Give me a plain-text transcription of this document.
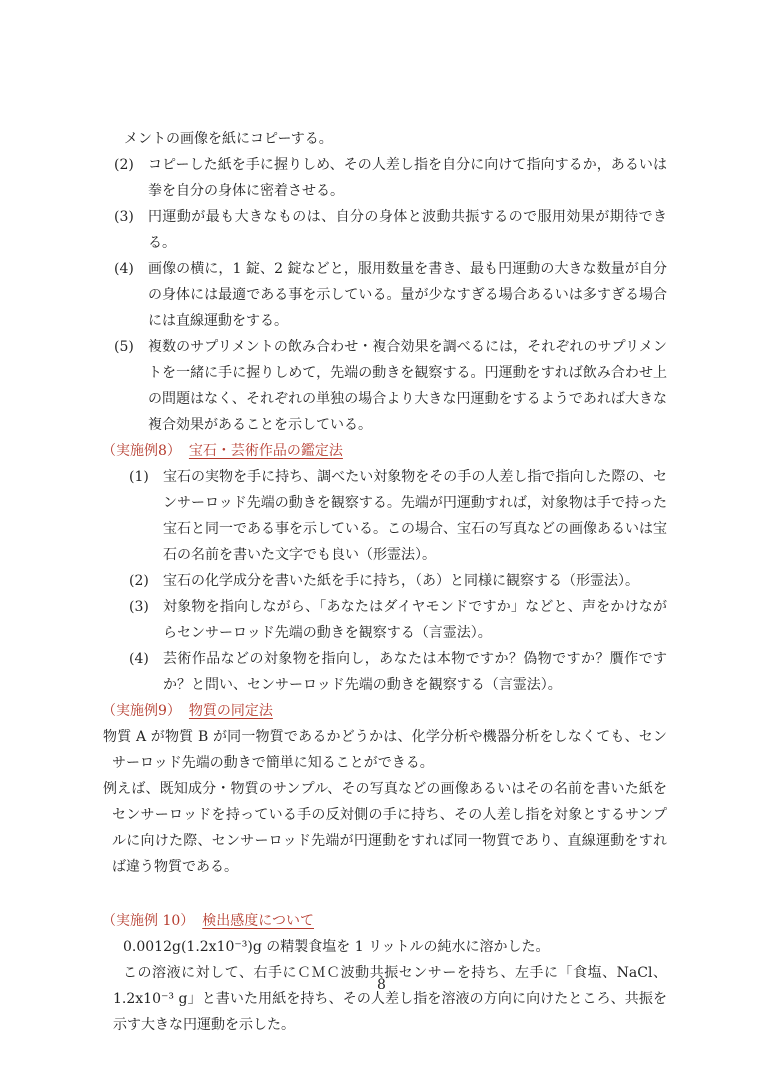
メントの画像を紙にコピーする。

(2)	コピーした紙を手に握りしめ、その人差し指を自分に向けて指向するか，あるいは拳を自分の身体に密着させる。
(3)	円運動が最も大きなものは、自分の身体と波動共振するので服用効果が期待できる。
(4)	画像の横に，1 錠、2 錠などと，服用数量を書き、最も円運動の大きな数量が自分の身体には最適である事を示している。量が少なすぎる場合あるいは多すぎる場合には直線運動をする。
(5)	複数のサプリメントの飲み合わせ・複合効果を調べるには，それぞれのサプリメントを一緒に手に握りしめて，先端の動きを観察する。円運動をすれば飲み合わせ上の問題はなく、それぞれの単独の場合より大きな円運動をするようであれば大きな複合効果があることを示している。
（実施例8） 宝石・芸術作品の鑑定法
(1)	宝石の実物を手に持ち、調べたい対象物をその手の人差し指で指向した際の、センサーロッド先端の動きを観察する。先端が円運動すれば，対象物は手で持った宝石と同一である事を示している。この場合、宝石の写真などの画像あるいは宝石の名前を書いた文字でも良い（形霊法）。
(2)	宝石の化学成分を書いた紙を手に持ち，（あ）と同様に観察する（形霊法）。
(3)	対象物を指向しながら、「あなたはダイヤモンドですか」などと、声をかけながらセンサーロッド先端の動きを観察する（言霊法）。
(4)	芸術作品などの対象物を指向し，あなたは本物ですか？偽物ですか？贋作ですか？と問い、センサーロッド先端の動きを観察する（言霊法）。
（実施例9） 物質の同定法

物質 A が物質 B が同一物質であるかどうかは、化学分析や機器分析をしなくても、センサーロッド先端の動きで簡単に知ることができる。

例えば、既知成分・物質のサンプル、その写真などの画像あるいはその名前を書いた紙をセンサーロッドを持っている手の反対側の手に持ち、その人差し指を対象とするサンプルに向けた際、センサーロッド先端が円運動をすれば同一物質であり、直線運動をすれば違う物質である。

（実施例 10） 検出感度について

0.0012g(1.2x10⁻³)g の精製食塩を 1 リットルの純水に溶かした。

この溶液に対して、右手にＣＭＣ波動共振センサーを持ち、左手に「食塩、NaCl、1.2x10⁻³ g」と書いた用紙を持ち、その人差し指を溶液の方向に向けたところ、共振を示す大きな円運動を示した。

8
